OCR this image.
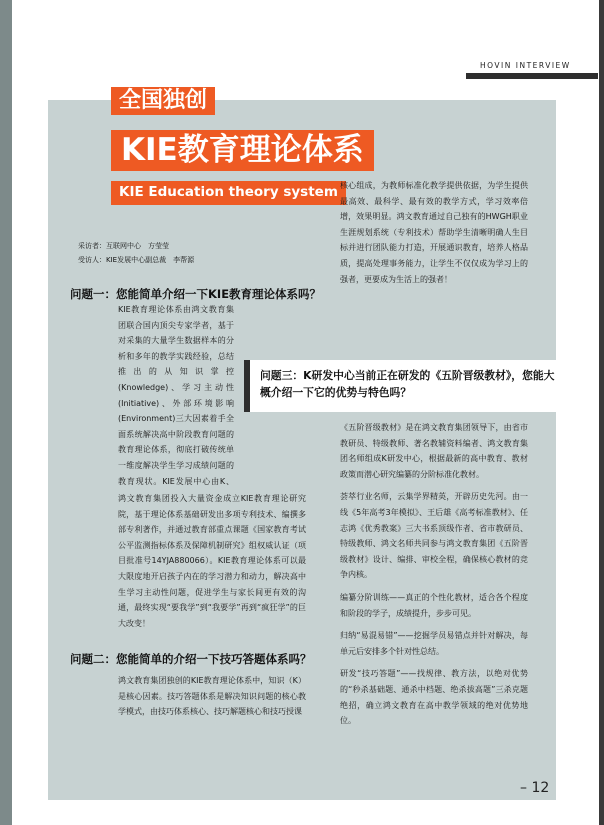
HOVIN INTERVIEW
全国独创
KIE教育理论体系
KIE Education theory system
采访者：互联网中心　方莹莹
受访人：KIE发展中心副总裁　李帮源
问题一：您能简单介绍一下KIE教育理论体系吗？

KIE教育理论体系由鸿文教育集团联合国内顶尖专家学者，基于对采集的大量学生数据样本的分析和多年的教学实践经验，总结推出的从知识掌控(Knowledge)、学习主动性(Initiative)、外部环境影响(Environment)三大因素着手全面系统解决高中阶段教育问题的教育理论体系，彻底打破传统单一维度解决学生学习成绩问题的教育现状。KIE发展中心由K、

鸿文教育集团投入大量资金成立KIE教育理论研究院，基于理论体系基础研发出多项专利技术、编撰多部专利著作，并通过教育部重点课题《国家教育考试公平监测指标体系及保障机制研究》组权威认证（项目批准号14YJA880066）。KIE教育理论体系可以最大限度地开启孩子内在的学习潜力和动力，解决高中生学习主动性问题，促进学生与家长间更有效的沟通，最终实现“要我学”到“我要学”再到“疯狂学”的巨大改变！

问题二：您能简单的介绍一下技巧答题体系吗？

鸿文教育集团独创的KIE教育理论体系中，知识（K）是核心因素。技巧答题体系是解决知识问题的核心教学模式，由技巧体系核心、技巧解题核心和技巧授课

核心组成，为教师标准化教学提供依据，为学生提供最高效、最科学、最有效的教学方式，学习效率倍增，效果明显。鸿文教育通过自己独有的HWGH职业生涯规划系统（专利技术）帮助学生清晰明确人生目标并进行团队能力打造，开展通识教育，培养人格品质，提高处理事务能力，让学生不仅仅成为学习上的强者，更要成为生活上的强者！

问题三：K研发中心当前正在研发的《五阶晋级教材》，您能大概介绍一下它的优势与特色吗？

《五阶晋级教材》是在鸿文教育集团领导下，由省市教研员、特级教师、著名教辅资料编者、鸿文教育集团名师组成K研发中心，根据最新的高中教育、教材政策而潜心研究编纂的分阶标准化教材。

荟萃行业名师，云集学界精英，开辟历史先河。由一线《5年高考3年模拟》、王后雄《高考标准教材》、任志鸿《优秀教案》三大书系顶级作者、省市教研员、特级教师、鸿文名师共同参与鸿文教育集团《五阶晋级教材》设计、编排、审校全程，确保核心教材的竞争内核。

编纂分阶训练——真正的个性化教材，适合各个程度和阶段的学子，成绩提升，步步可见。

归纳“易混易错”——挖掘学员易错点并针对解决，每单元后安排多个针对性总结。

研发“技巧答题”——找规律、教方法，以绝对优势的“秒杀基础题、通杀中档题、绝杀拔高题”三杀克题绝招，确立鸿文教育在高中教学领域的绝对优势地位。

– 12
